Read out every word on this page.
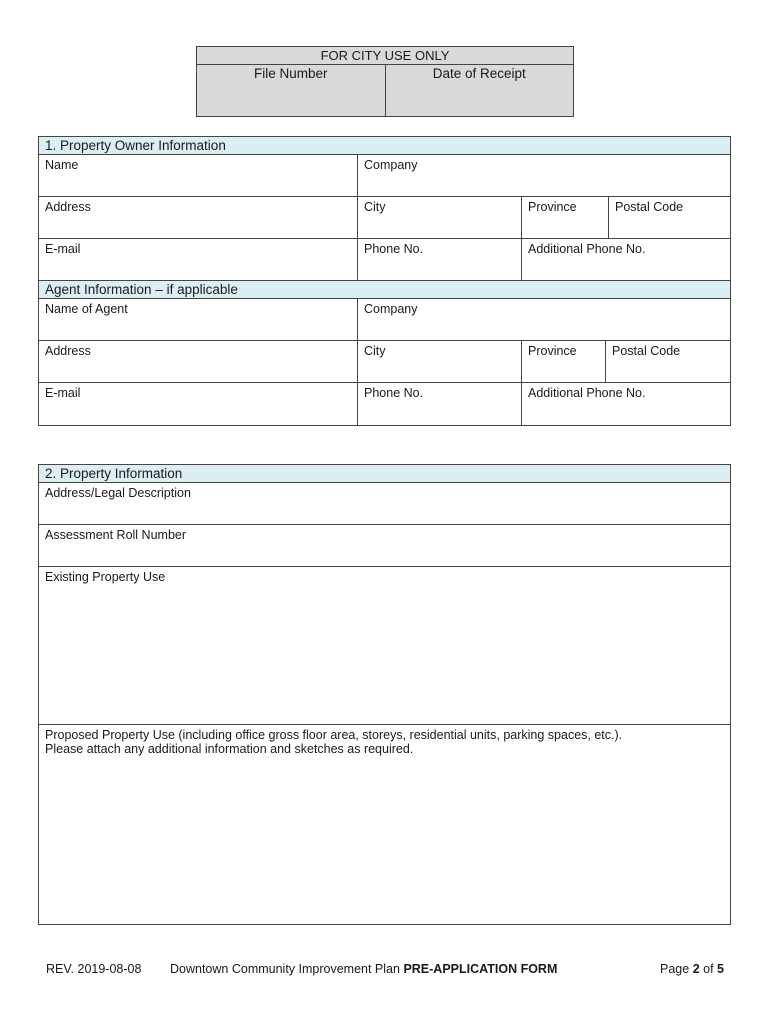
FOR CITY USE ONLY
File Number	Date of Receipt
1. Property Owner Information
Name	Company
Address	City	Province	Postal Code
E-mail	Phone No.	Additional Phone No.
Agent Information – if applicable
Name of Agent	Company
Address	City	Province	Postal Code
E-mail	Phone No.	Additional Phone No.
2. Property Information
Address/Legal Description
Assessment Roll Number
Existing Property Use
Proposed Property Use (including office gross floor area, storeys, residential units, parking spaces, etc.).
Please attach any additional information and sketches as required.
REV. 2019-08-08	Downtown Community Improvement Plan PRE-APPLICATION FORM	Page 2 of 5
